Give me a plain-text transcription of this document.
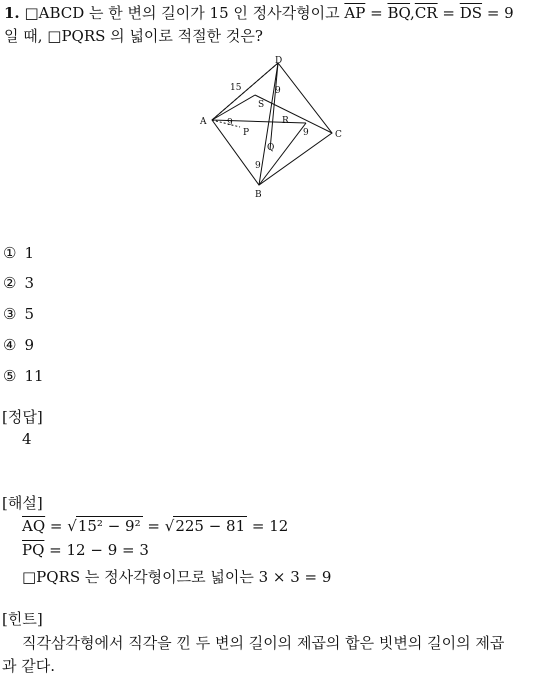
1. □ABCD 는 한 변의 길이가 15 인 정사각형이고 $\overline{AP} = \overline{BQ},\overline{CR} = \overline{DS} = 9$
일 때, □PQRS 의 넓이로 적절한 것은?
A
B
C
D
P
Q
R
S
15
9
9
9
9
① 1
② 3
③ 5
④ 9
⑤ 11
[정답]
4
[해설]
$\overline{AQ} = √15^2 - 9^2 = √225 - 81 = 12$
$\overline{PQ} = 12 - 9 = 3$
□PQRS 는 정사각형이므로 넓이는 3 × 3 = 9
[힌트]
직각삼각형에서 직각을 낀 두 변의 길이의 제곱의 합은 빗변의 길이의 제곱
과 같다.
